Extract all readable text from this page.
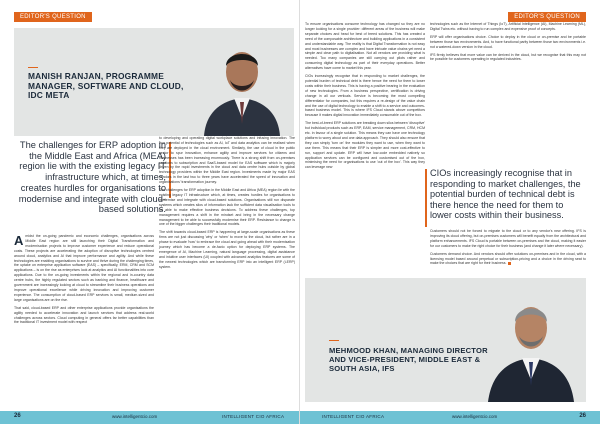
EDITOR'S QUESTION	EDITOR'S QUESTION
MANISH RANJAN, PROGRAMME MANAGER, SOFTWARE AND CLOUD, IDC META
The challenges for ERP adoption in the Middle East and Africa (MEA) region lie with the existing legacy IT infrastructure which, at times, creates hurdles for organisations to modernise and integrate with cloud-based solutions.

Amidst the on-going pandemic and economic challenges, organisations across Middle East region are still launching their Digital Transformation and modernisation projects to improve customer experience and reduce operational costs. These projects are accelerating the adoption of disruptive technologies centred around cloud, analytics and AI that improve performance and agility. And while these technologies are enabling organisations to survive and thrive during the challenging times, the uptake on enterprise application software (EAS) – specifically, ERM, CRM and SCM applications – is on the rise as enterprises look at analytics and AI functionalities into core applications. Due to the on-going investments within the regional and in-country data centre hubs, the highly regulated sectors such as banking and finance, healthcare and government are increasingly looking at cloud to streamline their business operations and improve operational excellence while driving innovation and improving customer experience. The consumption of cloud-based ERP services is small, medium-sized and large organisations are on the rise.

That said, cloud-based ERP and other enterprise applications provide organisations the agility needed to accelerate innovation and launch services that address real-world challenges across sectors. Cloud computing in general offers far better capabilities than the traditional IT investment model with respect

to developing and operating digital workplace solutions and infusing innovation. The true potential of technologies such as AI, IoT and data analytics can be realised when they are deployed in the cloud environment. Similarly, the use of cloud in the public sector to spur innovation, enhance agility and improve services for citizens and businesses has been increasing enormously. There is a strong shift from on-premises solutions to subscription and SaaS-based model for EAS software which is majorly driven by the rapid investments in the cloud and data centre hubs outside by global technology providers within the Middle East region. Investments made by major EAS vendors in the last two to three years have accelerated the speed of innovation and organisations' transformation journey.

The challenges for ERP adoption in the Middle East and Africa (MEA) region lie with the existing legacy IT infrastructure which, at times, creates hurdles for organisations to modernise and integrate with cloud-based solutions. Organisations still run disparate systems which creates silos of information lack the sufficient data visualisation tools to be able to make effective business decisions. To address these challenges, top management requires a shift in the mindset and bring in the necessary change management to be able to successfully modernise their ERP. Resistance to change is one of the bigger challenges their traditional models.

The shift towards cloud-based ERP is happening at large-scale organisations as these firms are not just discussing 'why' or 'when' to move to the cloud, but rather are in a phase to evaluate 'how' to embrace the cloud and going ahead with their modernisation journey which has become a de-facto option for deploying ERP systems. The emergence of AI, Machine Learning, natural language processing, digital assistance and intuitive user interfaces (UI) coupled with advanced analytics features are some of the newest technologies which are transforming ERP into an intelligent ERP (i-ERP) system.

To ensure organisations consume technology has changed so they are no longer looking for a single provider: different areas of the business will make separate choices and head for best of breed solutions. This has created a need of the composable architecture and building applications in a consistent and understandable way. The reality is that Digital Transformation is not easy and most businesses are complex and have intricate value chains yet need a simple and clear path to digitalisation. Not all vendors are providing what is needed. Too many companies are still carrying out pilots rather and consuming digital technology as part of their everyday operations. Better alternatives have come to market this year.

CIOs increasingly recognise that in responding to market challenges, the potential burden of technical debt is there hence the need for them to lower costs within their business. This is having a positive bearing in the evaluation of new technologies. From a business perspective, certification is driving change in all our verticals. Service is becoming the most compelling differentiator for companies, but this requires a re-design of the value chain and the use of digital technology to enable a shift to a service and outcomes-based business model. This is where IFS Cloud stands above competitors because it makes digital innovation immediately consumable out of the box.

The best-of-breed ERP solutions are breaking down silos between 'disruptive' but individual products such as ERP, EAM, service management, CRM, HCM etc. in favour of a single solution. This means they can have one technology platform to worry about and one data approach. They should also ensure that they can simply 'turn on' the modules they want to use, when they want to use them. This means that their ERP is simpler and more cost-effective to run, support and update. ERP will have low-code embedded natively so application services can be configured and customised out of the box, minimising the need for organisations to use 'out of the box'. This way they can leverage new

technologies such as the Internet of Things (IoT), Artificial Intelligence (AI), Machine Learning (ML), Digital Twins etc. without having to run complex and expensive proof of concepts.

ERP will offer organisations choice. Choice to deploy in the cloud or on-premise and be portable between those two environments. And, to have functional parity between those two environments i.e. not a watered-down version in the cloud.

IFS firmly believes that more value can be derived in the cloud, but we recognise that this may not be possible for customers operating in regulated industries.

CIOs increasingly recognise that in responding to market challenges, the potential burden of technical debt is there hence the need for them to lower costs within their business.

Customers should not be forced to migrate to the cloud or to any vendor's new offering. IFS is improving its cloud offering, but on-premises customers will benefit equally from the architectural and platform enhancements. IFS Cloud is portable between on-premises and the cloud, making it easier for our customers to make the right choice for their business (and change it later where necessary).

Customers demand choice. And vendors should offer solutions on-premises and in the cloud, with a licensing model based around perpetual or subscription-pricing and a choice in the driving seat to make the choices that are right for their business.

MEHMOOD KHAN, MANAGING DIRECTOR AND VICE-PRESIDENT, MIDDLE EAST & SOUTH ASIA, IFS
26	26
www.intelligentcio.com	INTELLIGENT CIO AFRICA	INTELLIGENT CIO AFRICA	www.intelligentcio.com
